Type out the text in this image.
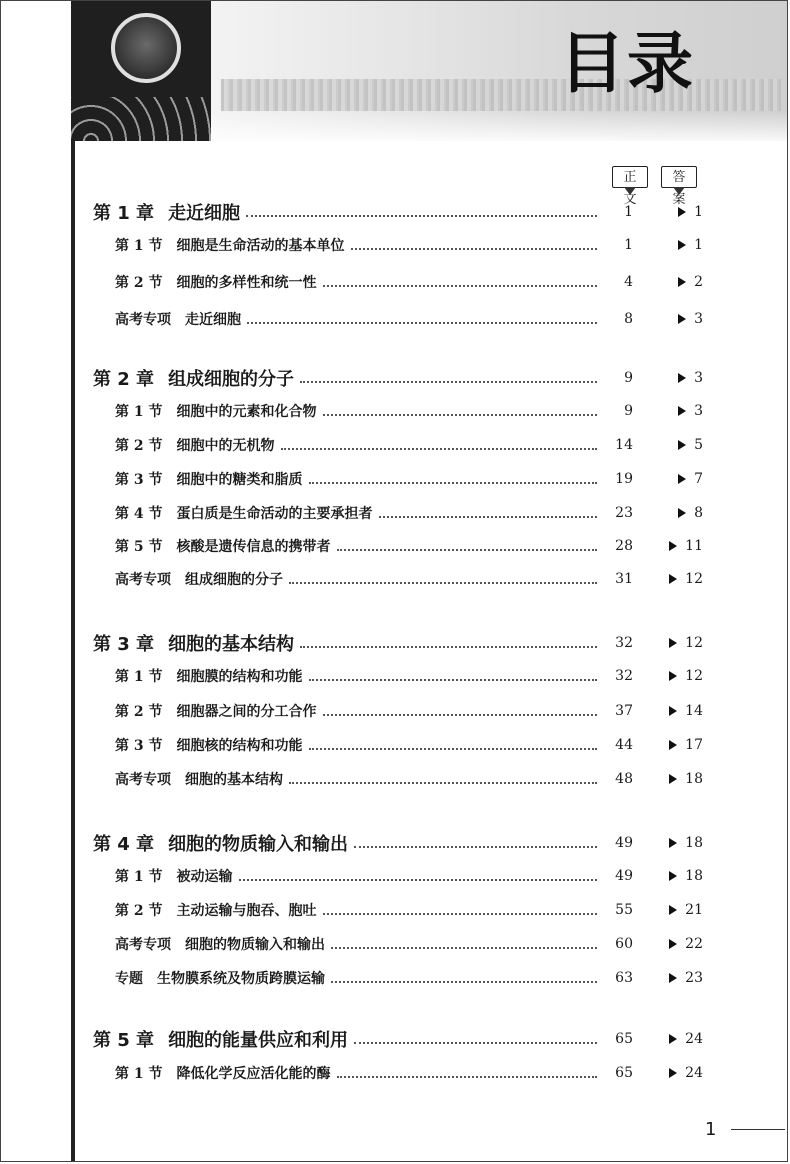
目录
正文
答案
第 1 章 走近细胞	1	1
第 1 节 细胞是生命活动的基本单位	1	1
第 2 节 细胞的多样性和统一性	4	2
高考专项 走近细胞	8	3
第 2 章 组成细胞的分子	9	3
第 1 节 细胞中的元素和化合物	9	3
第 2 节 细胞中的无机物	14	5
第 3 节 细胞中的糖类和脂质	19	7
第 4 节 蛋白质是生命活动的主要承担者	23	8
第 5 节 核酸是遗传信息的携带者	28	11
高考专项 组成细胞的分子	31	12
第 3 章 细胞的基本结构	32	12
第 1 节 细胞膜的结构和功能	32	12
第 2 节 细胞器之间的分工合作	37	14
第 3 节 细胞核的结构和功能	44	17
高考专项 细胞的基本结构	48	18
第 4 章 细胞的物质输入和输出	49	18
第 1 节 被动运输	49	18
第 2 节 主动运输与胞吞、胞吐	55	21
高考专项 细胞的物质输入和输出	60	22
专题 生物膜系统及物质跨膜运输	63	23
第 5 章 细胞的能量供应和利用	65	24
第 1 节 降低化学反应活化能的酶	65	24
1
